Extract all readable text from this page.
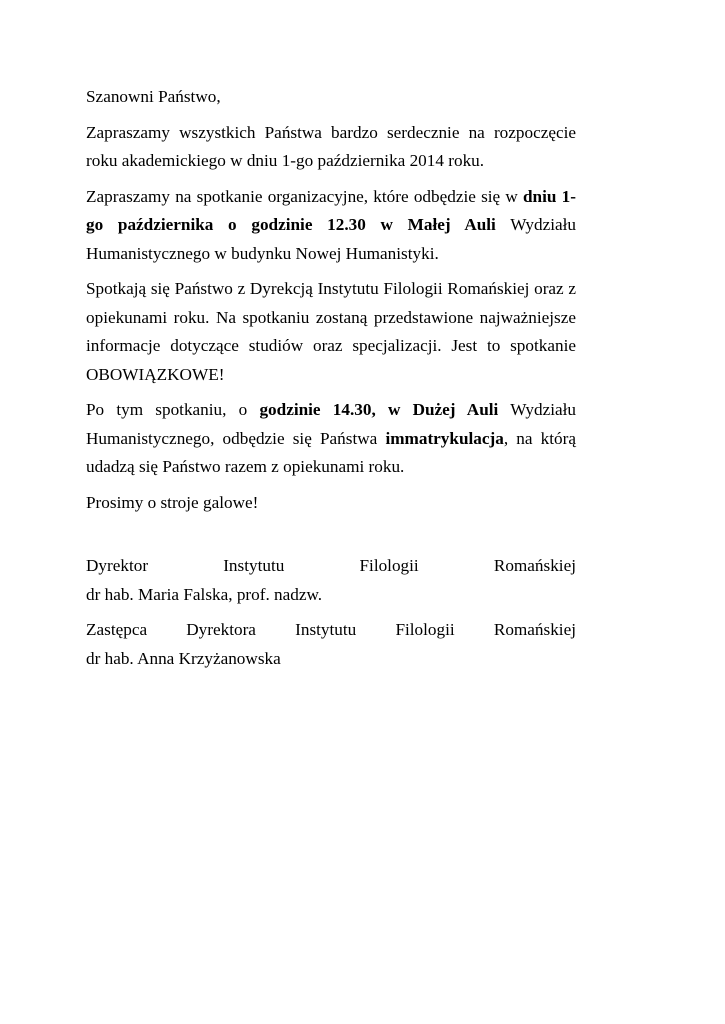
Szanowni Państwo,

Zapraszamy wszystkich Państwa bardzo serdecznie na rozpoczęcie roku akademickiego w dniu 1-go października 2014 roku.

Zapraszamy na spotkanie organizacyjne, które odbędzie się w dniu 1-go października o godzinie 12.30 w Małej Auli Wydziału Humanistycznego w budynku Nowej Humanistyki.

Spotkają się Państwo z Dyrekcją Instytutu Filologii Romańskiej oraz z opiekunami roku. Na spotkaniu zostaną przedstawione najważniejsze informacje dotyczące studiów oraz specjalizacji. Jest to spotkanie OBOWIĄZKOWE!

Po tym spotkaniu, o godzinie 14.30, w Dużej Auli Wydziału Humanistycznego, odbędzie się Państwa immatrykulacja, na którą udadzą się Państwo razem z opiekunami roku.

Prosimy o stroje galowe!

Dyrektor	Instytutu	Filologii	Romańskiej
dr hab. Maria Falska, prof. nadzw.
Zastępca Dyrektora Instytutu Filologii Romańskiej
dr hab. Anna Krzyżanowska
